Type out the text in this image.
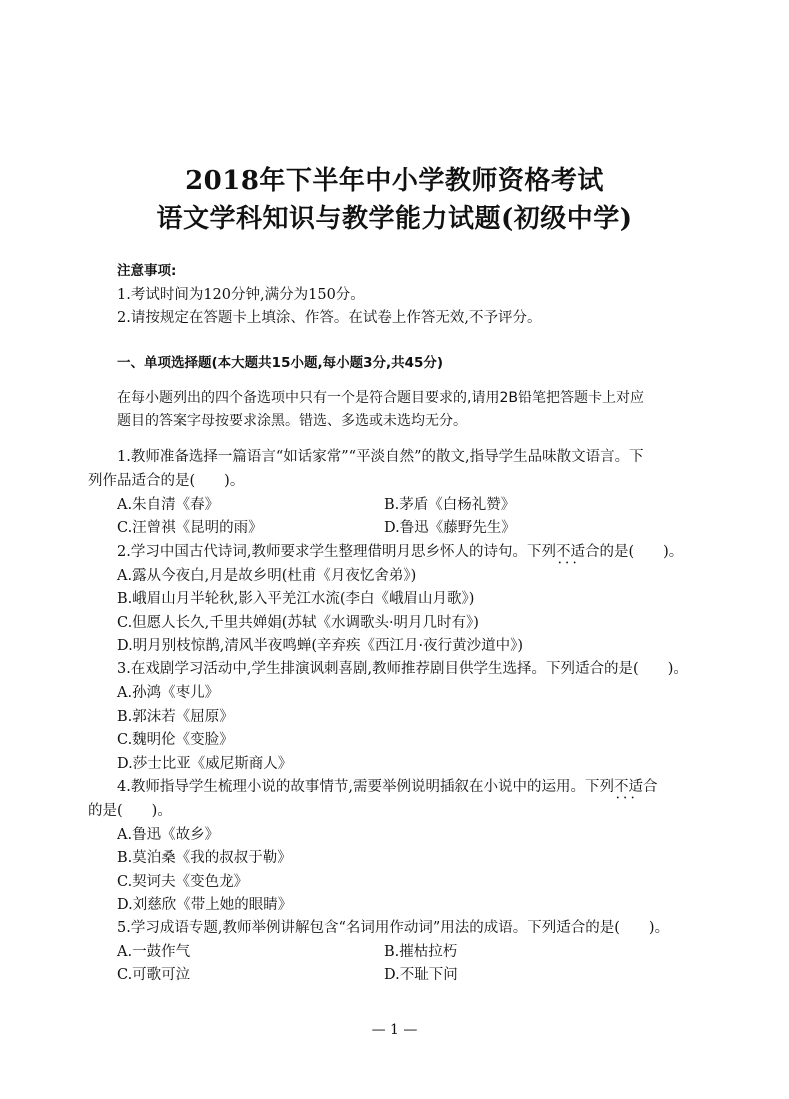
2018年下半年中小学教师资格考试
语文学科知识与教学能力试题(初级中学)
注意事项:
1.考试时间为120分钟,满分为150分。
2.请按规定在答题卡上填涂、作答。在试卷上作答无效,不予评分。
一、单项选择题(本大题共15小题,每小题3分,共45分)
在每小题列出的四个备选项中只有一个是符合题目要求的,请用2B铅笔把答题卡上对应
题目的答案字母按要求涂黑。错选、多选或未选均无分。
1.教师准备选择一篇语言“如话家常”“平淡自然”的散文,指导学生品味散文语言。下
列作品适合的是(　　)。
A.朱自清《春》	B.茅盾《白杨礼赞》
C.汪曾祺《昆明的雨》	D.鲁迅《藤野先生》
2.学习中国古代诗词,教师要求学生整理借明月思乡怀人的诗句。下列不适合 • • •的是(　　)。
A.露从今夜白,月是故乡明(杜甫《月夜忆舍弟》)
B.峨眉山月半轮秋,影入平羌江水流(李白《峨眉山月歌》)
C.但愿人长久,千里共婵娟(苏轼《水调歌头·明月几时有》)
D.明月别枝惊鹊,清风半夜鸣蝉(辛弃疾《西江月·夜行黄沙道中》)
3.在戏剧学习活动中,学生排演讽刺喜剧,教师推荐剧目供学生选择。下列适合的是(　　)。
A.孙鸿《枣儿》
B.郭沫若《屈原》
C.魏明伦《变脸》
D.莎士比亚《威尼斯商人》
4.教师指导学生梳理小说的故事情节,需要举例说明插叙在小说中的运用。下列不适合 • • •
的是(　　)。
A.鲁迅《故乡》
B.莫泊桑《我的叔叔于勒》
C.契诃夫《变色龙》
D.刘慈欣《带上她的眼睛》
5.学习成语专题,教师举例讲解包含“名词用作动词”用法的成语。下列适合的是(　　)。
A.一鼓作气	B.摧枯拉朽
C.可歌可泣	D.不耻下问
— 1 —
